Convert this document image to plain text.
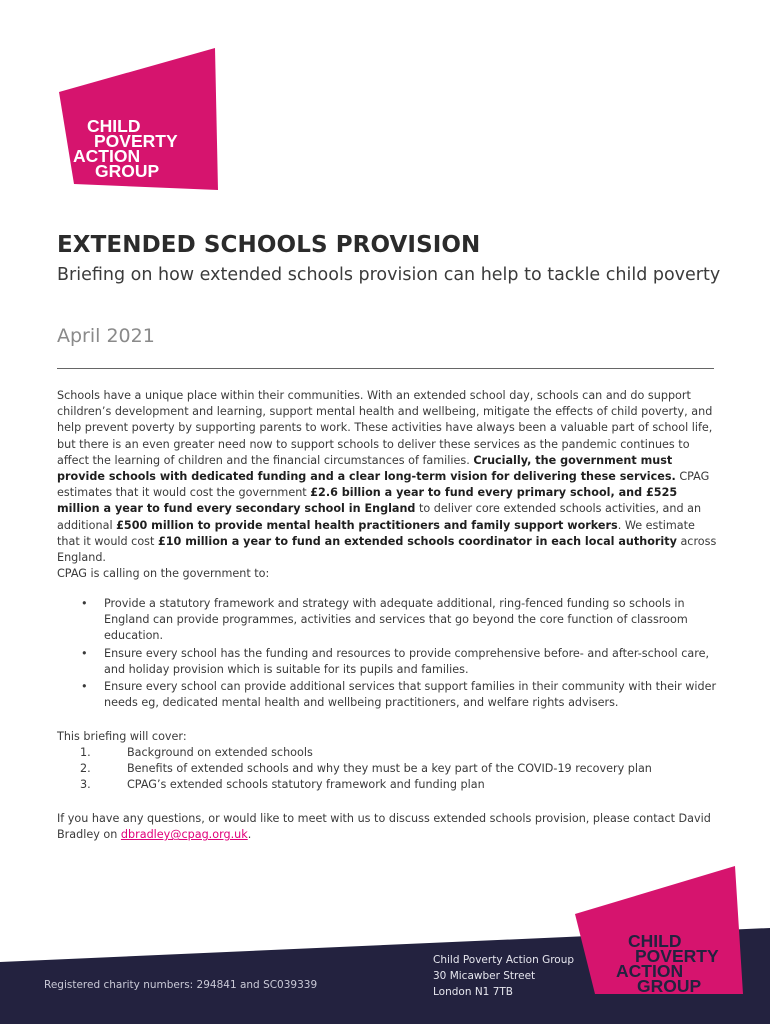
CHILD
POVERTY
ACTION
GROUP
EXTENDED SCHOOLS PROVISION
Briefing on how extended schools provision can help to tackle child poverty
April 2021

Schools have a unique place within their communities. With an extended school day, schools can and do support children’s development and learning, support mental health and wellbeing, mitigate the effects of child poverty, and help prevent poverty by supporting parents to work. These activities have always been a valuable part of school life, but there is an even greater need now to support schools to deliver these services as the pandemic continues to affect the learning of children and the financial circumstances of families. Crucially, the government must provide schools with dedicated funding and a clear long-term vision for delivering these services. CPAG estimates that it would cost the government £2.6 billion a year to fund every primary school, and £525 million a year to fund every secondary school in England to deliver core extended schools activities, and an additional £500 million to provide mental health practitioners and family support workers. We estimate that it would cost £10 million a year to fund an extended schools coordinator in each local authority across England.

CPAG is calling on the government to:

• Provide a statutory framework and strategy with adequate additional, ring-fenced funding so schools in England can provide programmes, activities and services that go beyond the core function of classroom education.
• Ensure every school has the funding and resources to provide comprehensive before- and after-school care, and holiday provision which is suitable for its pupils and families.
• Ensure every school can provide additional services that support families in their community with their wider needs eg, dedicated mental health and wellbeing practitioners, and welfare rights advisers.

This briefing will cover:

1.	Background on extended schools
2.	Benefits of extended schools and why they must be a key part of the COVID-19 recovery plan
3.	CPAG’s extended schools statutory framework and funding plan

If you have any questions, or would like to meet with us to discuss extended schools provision, please contact David Bradley on dbradley@cpag.org.uk.

Registered charity numbers: 294841 and SC039339
Child Poverty Action Group
30 Micawber Street
London N1 7TB
CHILD
POVERTY
ACTION
GROUP
